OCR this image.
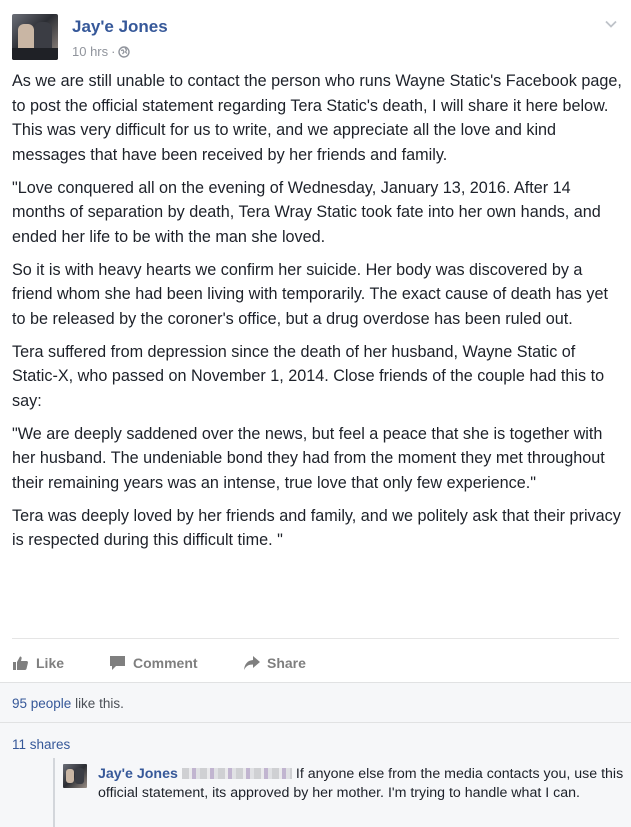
Jay'e Jones
10 hrs ·

As we are still unable to contact the person who runs Wayne Static's Facebook page, to post the official statement regarding Tera Static's death, I will share it here below. This was very difficult for us to write, and we appreciate all the love and kind messages that have been received by her friends and family.

"Love conquered all on the evening of Wednesday, January 13, 2016. After 14 months of separation by death, Tera Wray Static took fate into her own hands, and ended her life to be with the man she loved.

So it is with heavy hearts we confirm her suicide. Her body was discovered by a friend whom she had been living with temporarily. The exact cause of death has yet to be released by the coroner's office, but a drug overdose has been ruled out.

Tera suffered from depression since the death of her husband, Wayne Static of Static-X, who passed on November 1, 2014. Close friends of the couple had this to say:

"We are deeply saddened over the news, but feel a peace that she is together with her husband. The undeniable bond they had from the moment they met throughout their remaining years was an intense, true love that only few experience."

Tera was deeply loved by her friends and family, and we politely ask that their privacy is respected during this difficult time. "

Like	Comment	Share
95 people like this.
11 shares
Jay'e Jones	If anyone else from the media contacts you, use this official statement, its approved by her mother. I'm trying to handle what I can.
